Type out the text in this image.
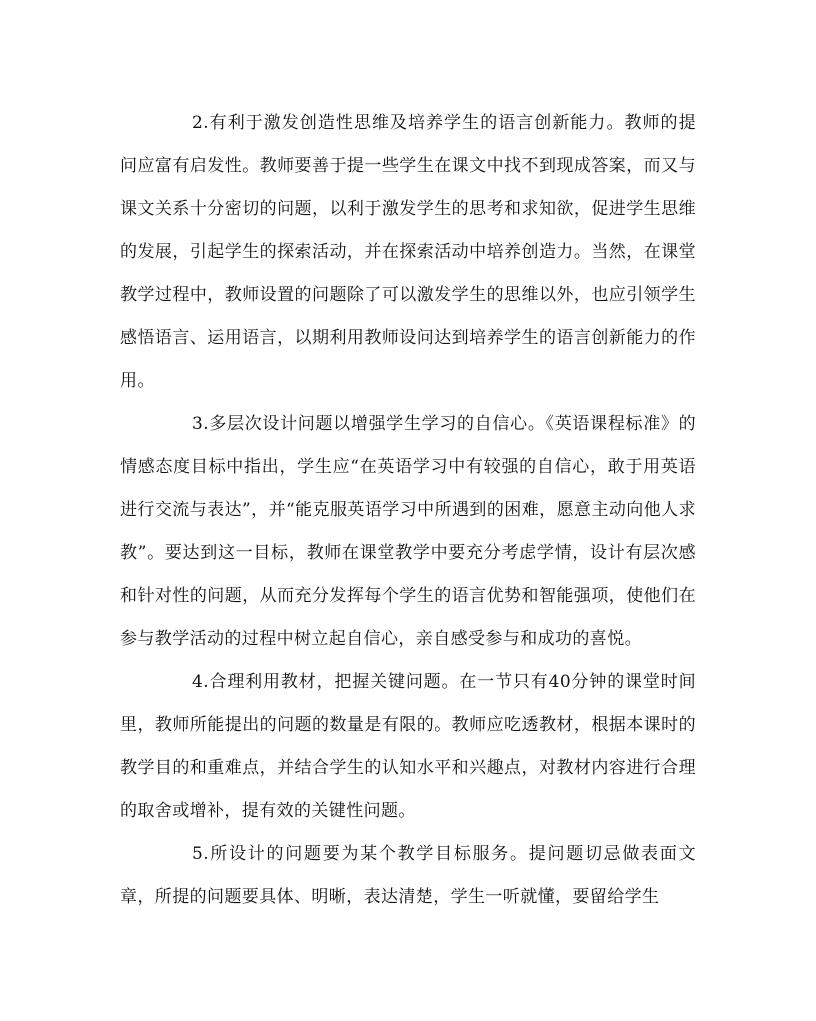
2.有利于激发创造性思维及培养学生的语言创新能力。教师的提问应富有启发性。教师要善于提一些学生在课文中找不到现成答案，而又与课文关系十分密切的问题，以利于激发学生的思考和求知欲，促进学生思维的发展，引起学生的探索活动，并在探索活动中培养创造力。当然，在课堂教学过程中，教师设置的问题除了可以激发学生的思维以外，也应引领学生感悟语言、运用语言，以期利用教师设问达到培养学生的语言创新能力的作用。

3.多层次设计问题以增强学生学习的自信心。《英语课程标准》的情感态度目标中指出，学生应“在英语学习中有较强的自信心，敢于用英语进行交流与表达”，并“能克服英语学习中所遇到的困难，愿意主动向他人求教”。要达到这一目标，教师在课堂教学中要充分考虑学情，设计有层次感和针对性的问题，从而充分发挥每个学生的语言优势和智能强项，使他们在参与教学活动的过程中树立起自信心，亲自感受参与和成功的喜悦。

4.合理利用教材，把握关键问题。在一节只有40分钟的课堂时间里，教师所能提出的问题的数量是有限的。教师应吃透教材，根据本课时的教学目的和重难点，并结合学生的认知水平和兴趣点，对教材内容进行合理的取舍或增补，提有效的关键性问题。

5.所设计的问题要为某个教学目标服务。提问题切忌做表面文章，所提的问题要具体、明晰，表达清楚，学生一听就懂，要留给学生
